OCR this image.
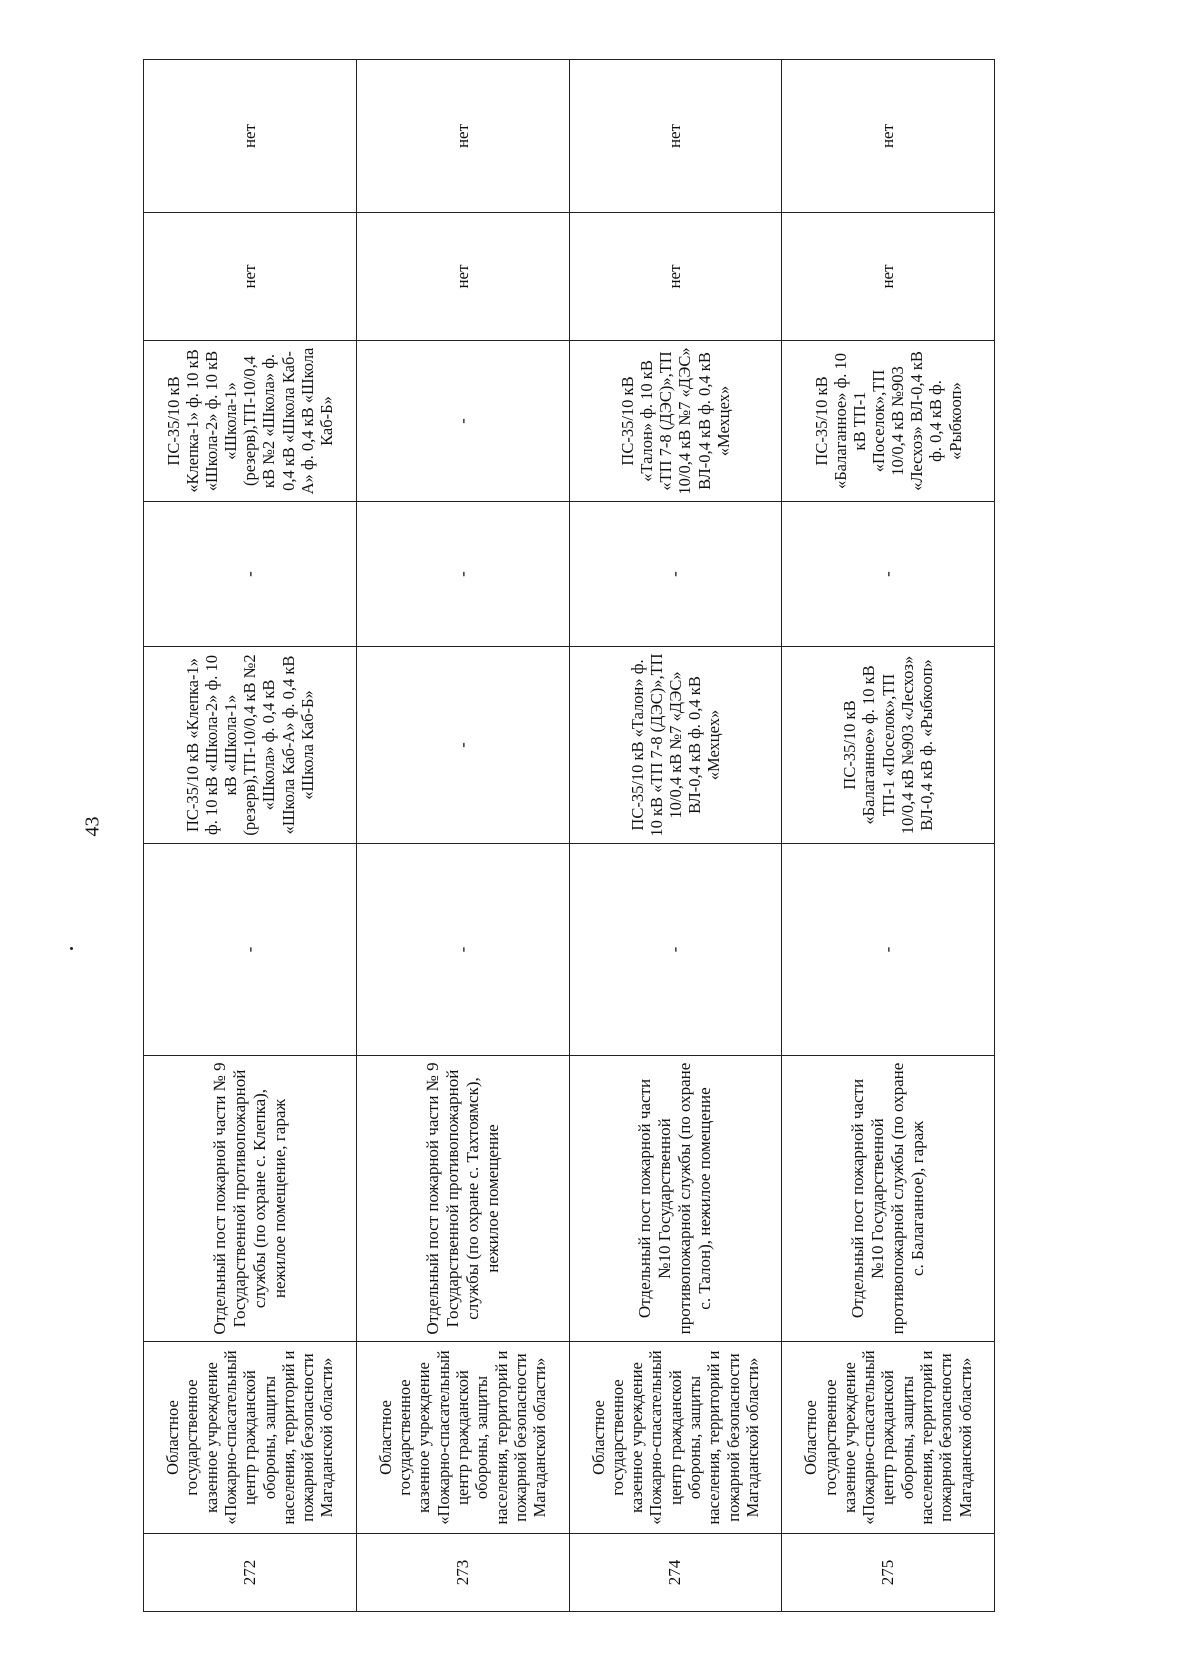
43
272	Областное государственное казенное учреждение «Пожарно-спасательный центр гражданской обороны, защиты населения, территорий и пожарной безопасности Магаданской области»	Отдельный пост пожарной части № 9 Государственной противопожарной службы (по охране с. Клепка), нежилое помещение, гараж	-	ПС-35/10 кВ «Клепка-1» ф. 10 кВ «Школа-2» ф. 10 кВ «Школа-1» (резерв),ТП-10/0,4 кВ №2 «Школа» ф. 0,4 кВ «Школа Каб-А» ф. 0,4 кВ «Школа Каб-Б»	-	ПС-35/10 кВ «Клепка-1» ф. 10 кВ «Школа-2» ф. 10 кВ «Школа-1» (резерв),ТП-10/0,4 кВ №2 «Школа» ф. 0,4 кВ «Школа Каб-А» ф. 0,4 кВ «Школа Каб-Б»	нет	нет
273	Областное государственное казенное учреждение «Пожарно-спасательный центр гражданской обороны, защиты населения, территорий и пожарной безопасности Магаданской области»	Отдельный пост пожарной части № 9 Государственной противопожарной службы (по охране с. Тахтоямск), нежилое помещение	-	-	-	-	нет	нет
274	Областное государственное казенное учреждение «Пожарно-спасательный центр гражданской обороны, защиты населения, территорий и пожарной безопасности Магаданской области»	Отдельный пост пожарной части №10 Государственной противопожарной службы (по охране с. Талон), нежилое помещение	-	ПС-35/10 кВ «Талон» ф. 10 кВ «ТП 7-8 (ДЭС)»,ТП 10/0,4 кВ №7 «ДЭС» ВЛ-0,4 кВ ф. 0,4 кВ «Мехцех»	-	ПС-35/10 кВ «Талон» ф. 10 кВ «ТП 7-8 (ДЭС)»,ТП 10/0,4 кВ №7 «ДЭС» ВЛ-0,4 кВ ф. 0,4 кВ «Мехцех»	нет	нет
275	Областное государственное казенное учреждение «Пожарно-спасательный центр гражданской обороны, защиты населения, территорий и пожарной безопасности Магаданской области»	Отдельный пост пожарной части №10 Государственной противопожарной службы (по охране с. Балаганное), гараж	-	ПС-35/10 кВ «Балаганное» ф. 10 кВ ТП-1 «Поселок»,ТП 10/0,4 кВ №903 «Лесхоз» ВЛ-0,4 кВ ф. «Рыбкооп»	-	ПС-35/10 кВ «Балаганное» ф. 10 кВ ТП-1 «Поселок»,ТП 10/0,4 кВ №903 «Лесхоз» ВЛ-0,4 кВ ф. 0,4 кВ ф. «Рыбкооп»	нет	нет
